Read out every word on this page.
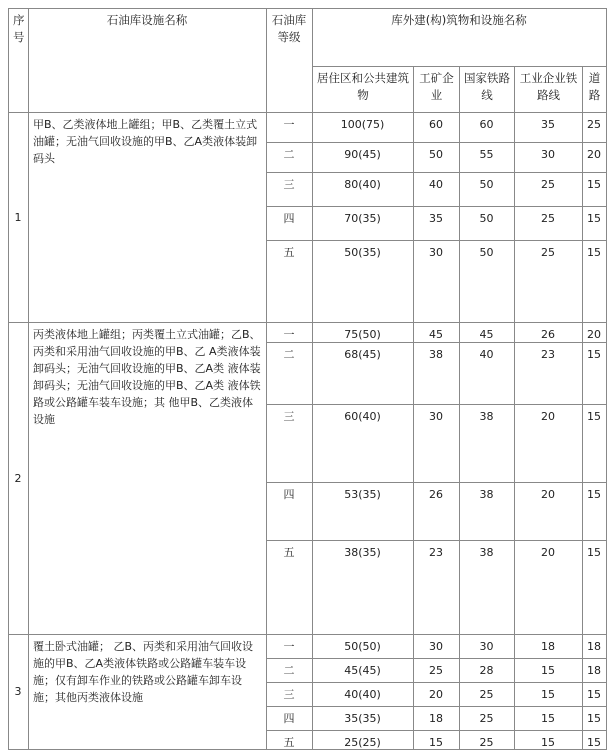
序号
石油库设施名称	石油库等级
库外建(构)筑物和设施名称
居住区和公共建筑物
工矿企业
国家铁路线
工业企业铁路线
道路
1
甲B、乙类液体地上罐组；甲B、乙类覆土立式油罐；无油气回收设施的甲B、乙A类液体装卸码头
一	100(75)	60	60	35	25
二	90(45)	50	55	30	20
三	80(40)	40	50	25	15
四	70(35)	35	50	25	15
五	50(35)	30	50	25	15
2
丙类液体地上罐组；丙类覆土立式油罐；乙B、丙类和采用油气回收设施的甲B、乙 A类液体装卸码头；无油气回收设施的甲B、乙A类 液体装卸码头；无油气回收设施的甲B、乙A类 液体铁路或公路罐车装车设施；其 他甲B、乙类液体设施
一	75(50)	45	45	26	20
二	68(45)	38	40	23	15
三	60(40)	30	38	20	15
四	53(35)	26	38	20	15
五	38(35)	23	38	20	15
3
覆土卧式油罐； 乙B、丙类和采用油气回收设施的甲B、乙A类液体铁路或公路罐车装车设施；仅有卸车作业的铁路或公路罐车卸车设施；其他丙类液体设施
一	50(50)	30	30	18	18
二	45(45)	25	28	15	18
三	40(40)	20	25	15	15
四	35(35)	18	25	15	15
五	25(25)	15	25	15	15
